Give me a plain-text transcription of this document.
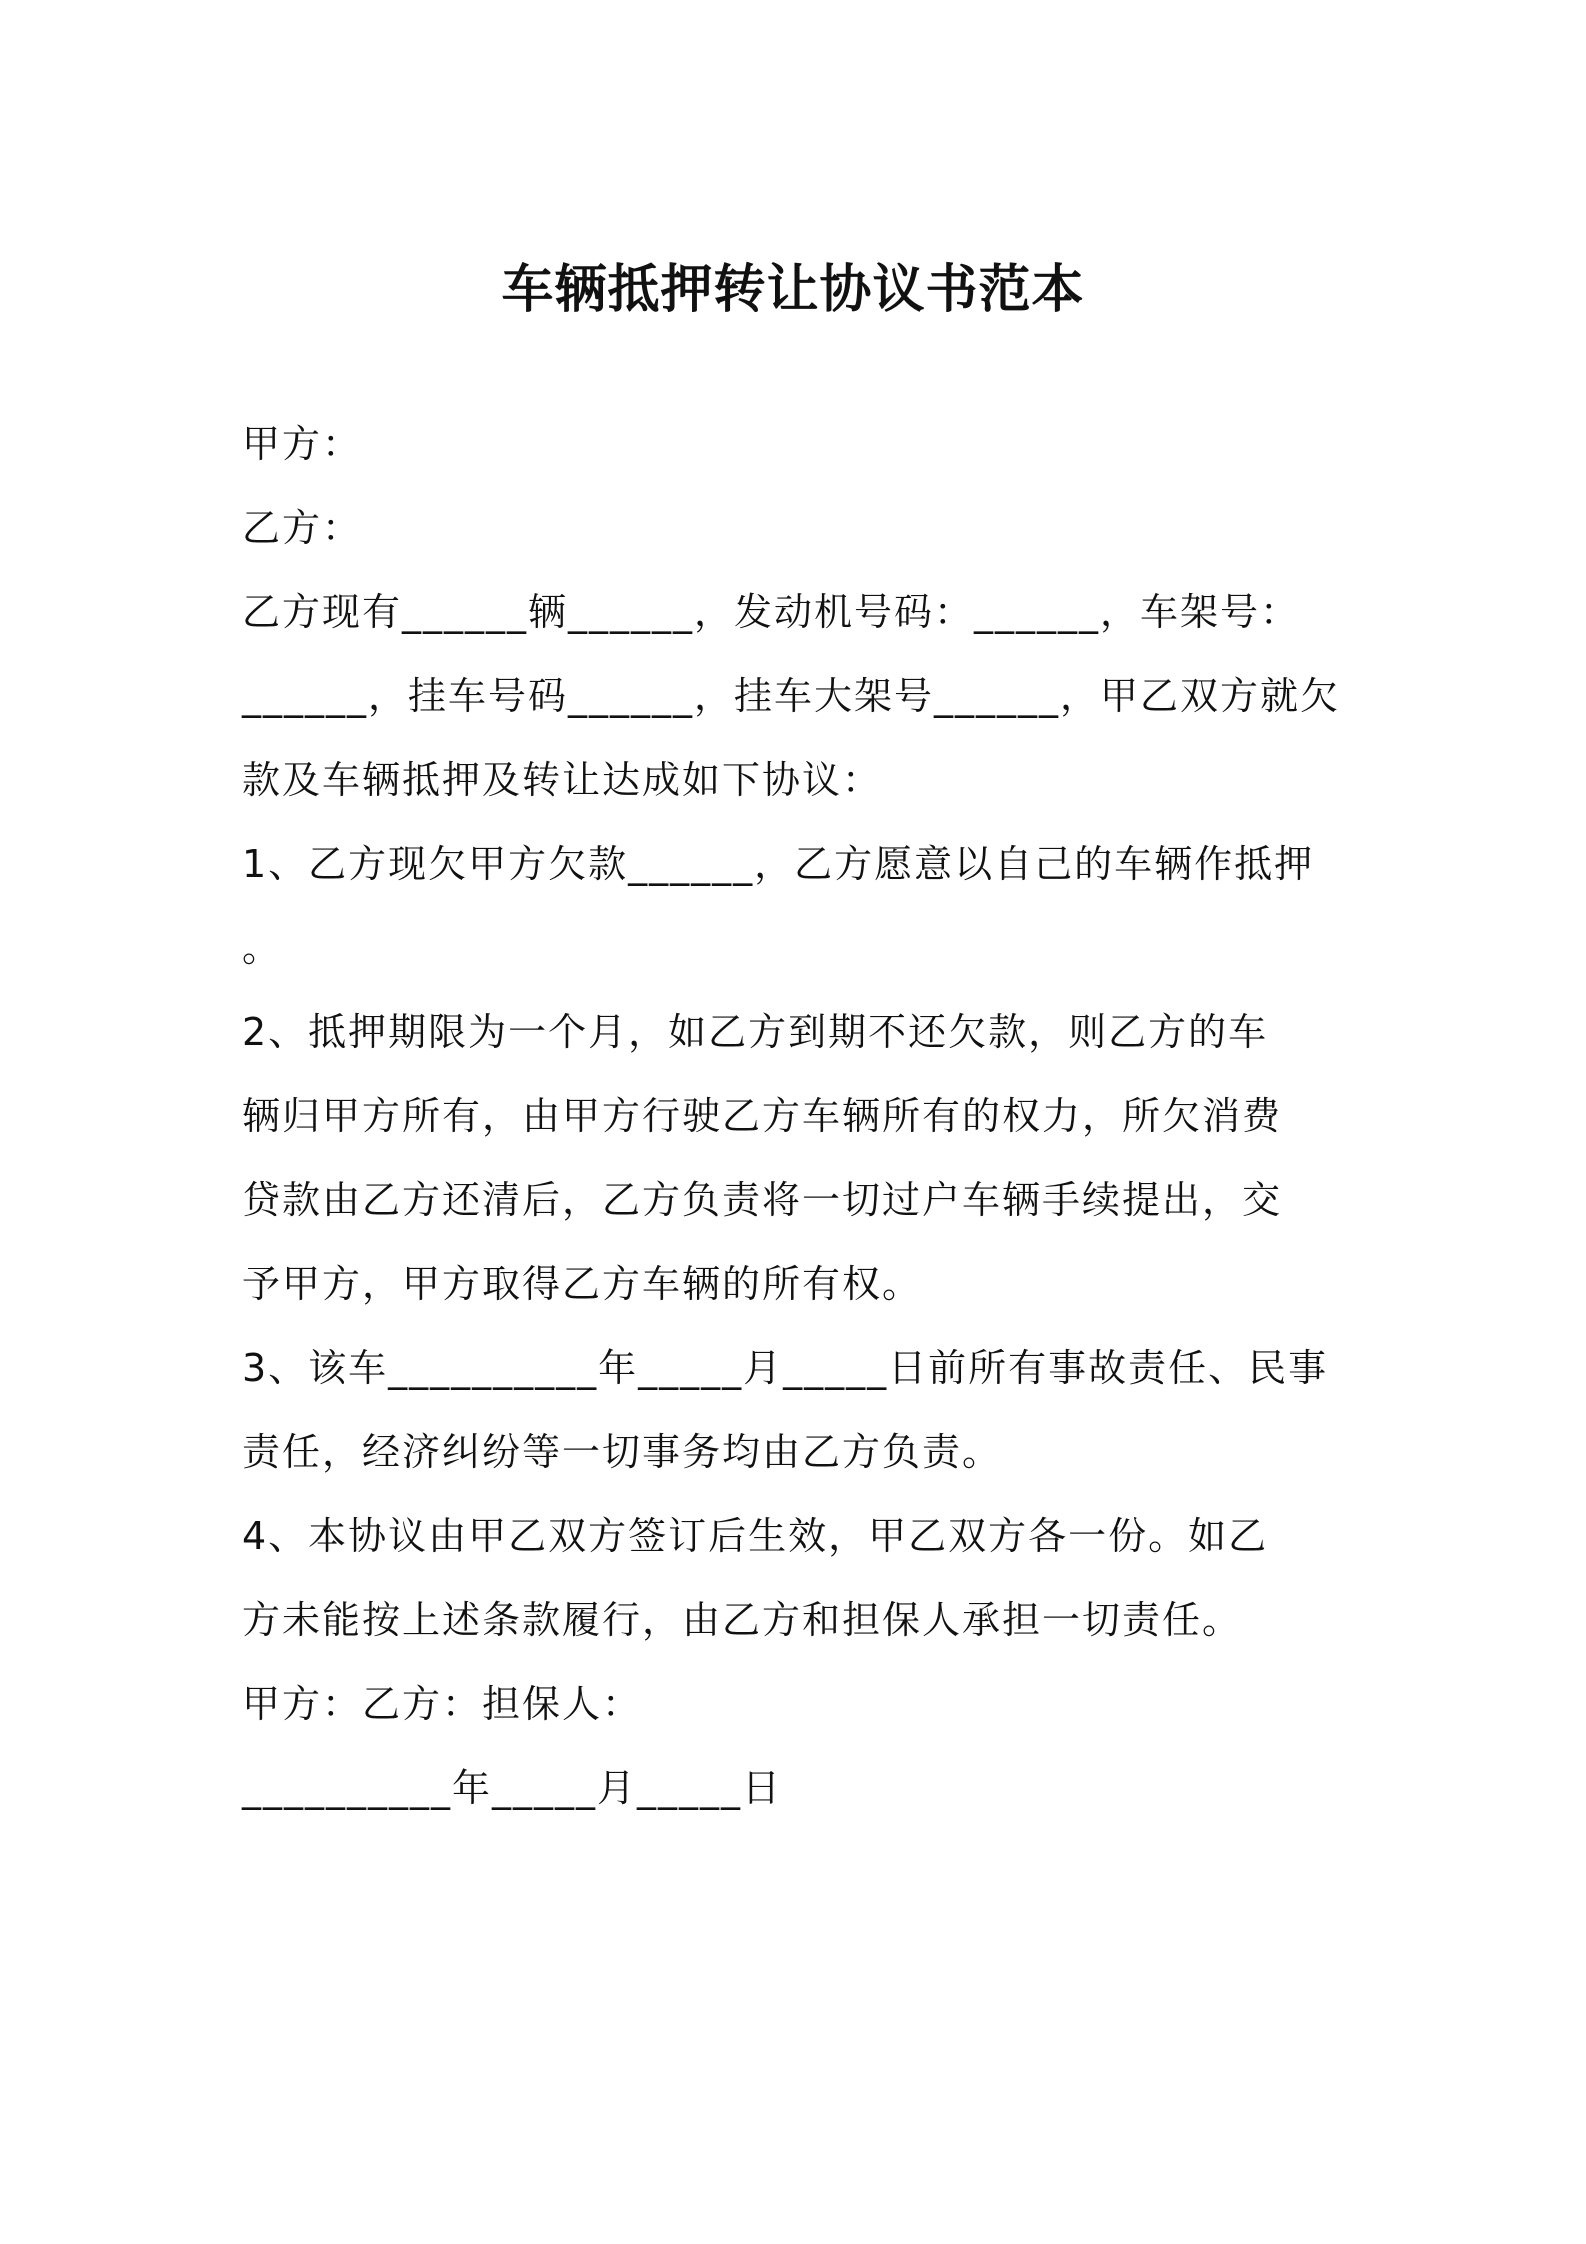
车辆抵押转让协议书范本

甲方：

乙方：

乙方现有______辆______，发动机号码：______，车架号：

______，挂车号码______，挂车大架号______，甲乙双方就欠

款及车辆抵押及转让达成如下协议：

1、乙方现欠甲方欠款______，乙方愿意以自己的车辆作抵押

。

2、抵押期限为一个月，如乙方到期不还欠款，则乙方的车

辆归甲方所有，由甲方行驶乙方车辆所有的权力，所欠消费

贷款由乙方还清后，乙方负责将一切过户车辆手续提出，交

予甲方，甲方取得乙方车辆的所有权。

3、该车__________年_____月_____日前所有事故责任、民事

责任，经济纠纷等一切事务均由乙方负责。

4、本协议由甲乙双方签订后生效，甲乙双方各一份。如乙

方未能按上述条款履行，由乙方和担保人承担一切责任。

甲方：乙方：担保人：

__________年_____月_____日
